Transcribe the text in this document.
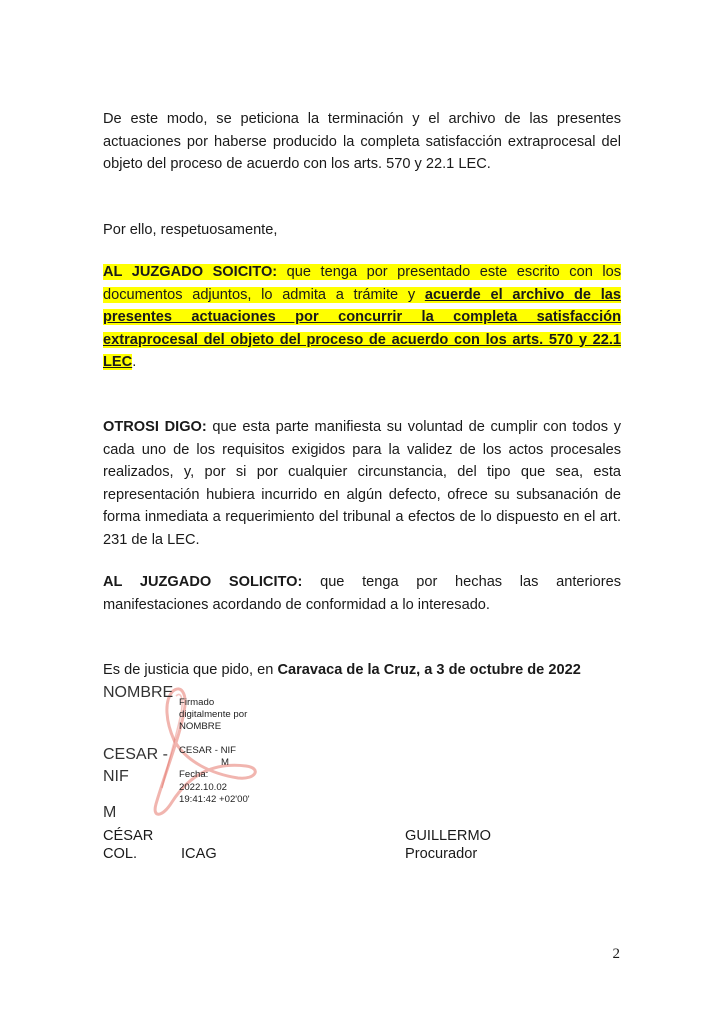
De este modo, se peticiona la terminación y el archivo de las presentes actuaciones por haberse producido la completa satisfacción extraprocesal del objeto del proceso de acuerdo con los arts. 570 y 22.1 LEC.
Por ello, respetuosamente,
AL JUZGADO SOICITO: que tenga por presentado este escrito con los documentos adjuntos, lo admita a trámite y acuerde el archivo de las presentes actuaciones por concurrir la completa satisfacción extraprocesal del objeto del proceso de acuerdo con los arts. 570 y 22.1 LEC.
OTROSI DIGO: que esta parte manifiesta su voluntad de cumplir con todos y cada uno de los requisitos exigidos para la validez de los actos procesales realizados, y, por si por cualquier circunstancia, del tipo que sea, esta representación hubiera incurrido en algún defecto, ofrece su subsanación de forma inmediata a requerimiento del tribunal a efectos de lo dispuesto en el art. 231 de la LEC.
AL JUZGADO SOLICITO: que tenga por hechas las anteriores manifestaciones acordando de conformidad a lo interesado.
Es de justicia que pido, en Caravaca de la Cruz, a 3 de octubre de 2022
NOMBRE
CESAR -
NIF
M
Firmado
digitalmente por
NOMBRE
CESAR - NIF
M
Fecha:
2022.10.02
19:41:42 +02'00'
CÉSAR
COL.	ICAG
GUILLERMO
Procurador
2
